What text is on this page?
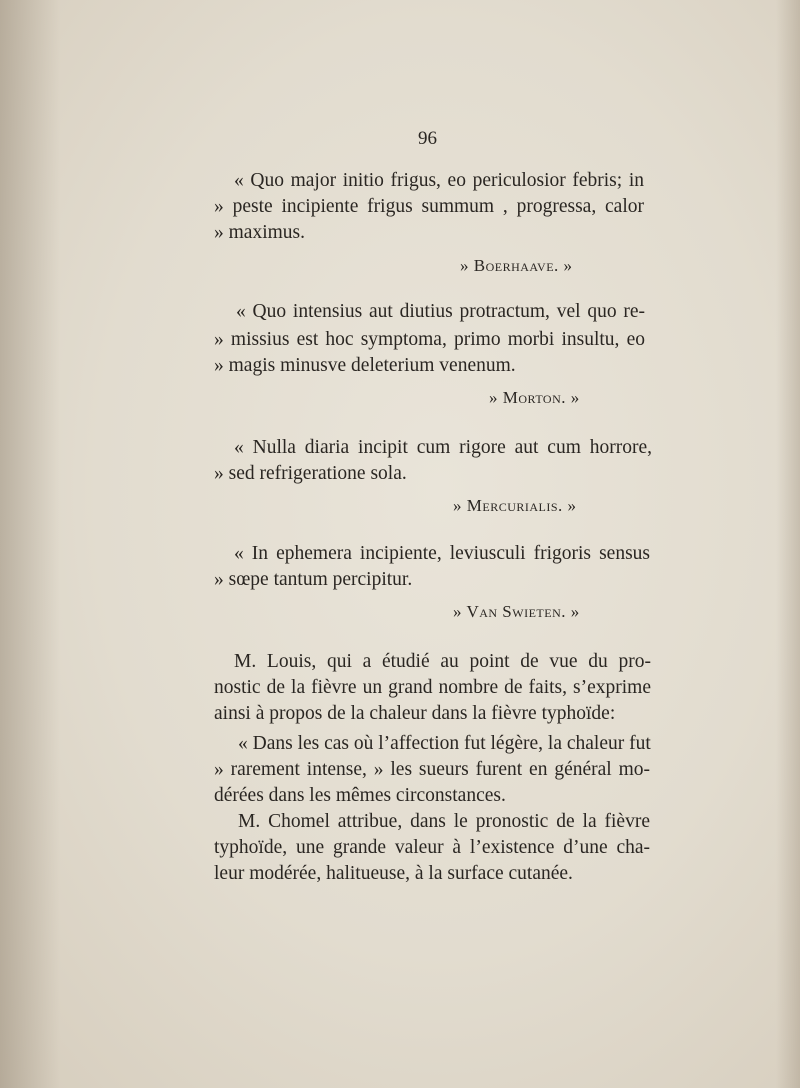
96
« Quo major initio frigus, eo periculosior febris; in
» peste incipiente frigus summum , progressa, calor
» maximus.
» Boerhaave. »
« Quo intensius aut diutius protractum, vel quo re-
» missius est hoc symptoma, primo morbi insultu, eo
» magis minusve deleterium venenum.
» Morton. »
« Nulla diaria incipit cum rigore aut cum horrore,
» sed refrigeratione sola.
» Mercurialis. »
« In ephemera incipiente, leviusculi frigoris sensus
» sœpe tantum percipitur.
» Van Swieten. »
M. Louis, qui a étudié au point de vue du pro-
nostic de la fièvre un grand nombre de faits, s’exprime
ainsi à propos de la chaleur dans la fièvre typhoïde:
« Dans les cas où l’affection fut légère, la chaleur fut
» rarement intense, » les sueurs furent en général mo-
dérées dans les mêmes circonstances.
M. Chomel attribue, dans le pronostic de la fièvre
typhoïde, une grande valeur à l’existence d’une cha-
leur modérée, halitueuse, à la surface cutanée.
